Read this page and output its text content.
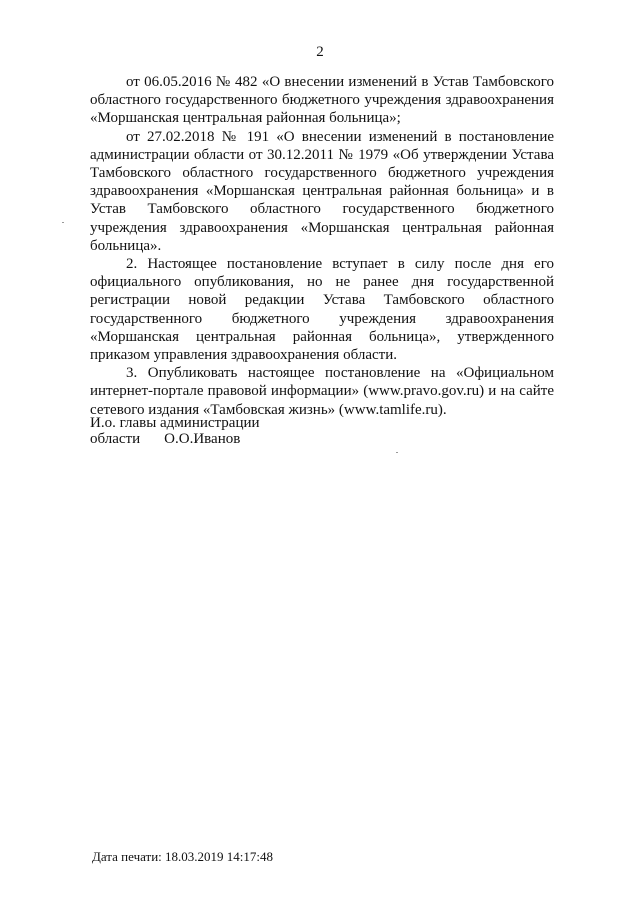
2

от 06.05.2016 № 482 «О внесении изменений в Устав Тамбовского областного государственного бюджетного учреждения здравоохранения «Моршанская центральная районная больница»;

от 27.02.2018 № 191 «О внесении изменений в постановление администрации области от 30.12.2011 № 1979 «Об утверждении Устава Тамбовского областного государственного бюджетного учреждения здравоохранения «Моршанская центральная районная больница» и в Устав Тамбовского областного государственного бюджетного учреждения здравоохранения «Моршанская центральная районная больница».

2. Настоящее постановление вступает в силу после дня его официального опубликования, но не ранее дня государственной регистрации новой редакции Устава Тамбовского областного государственного бюджетного учреждения здравоохранения «Моршанская центральная районная больница», утвержденного приказом управления здравоохранения области.

3. Опубликовать настоящее постановление на «Официальном интернет-портале правовой информации» (www.pravo.gov.ru) и на сайте сетевого издания «Тамбовская жизнь» (www.tamlife.ru).

И.о. главы администрации
области О.О.Иванов
Дата печати: 18.03.2019 14:17:48
